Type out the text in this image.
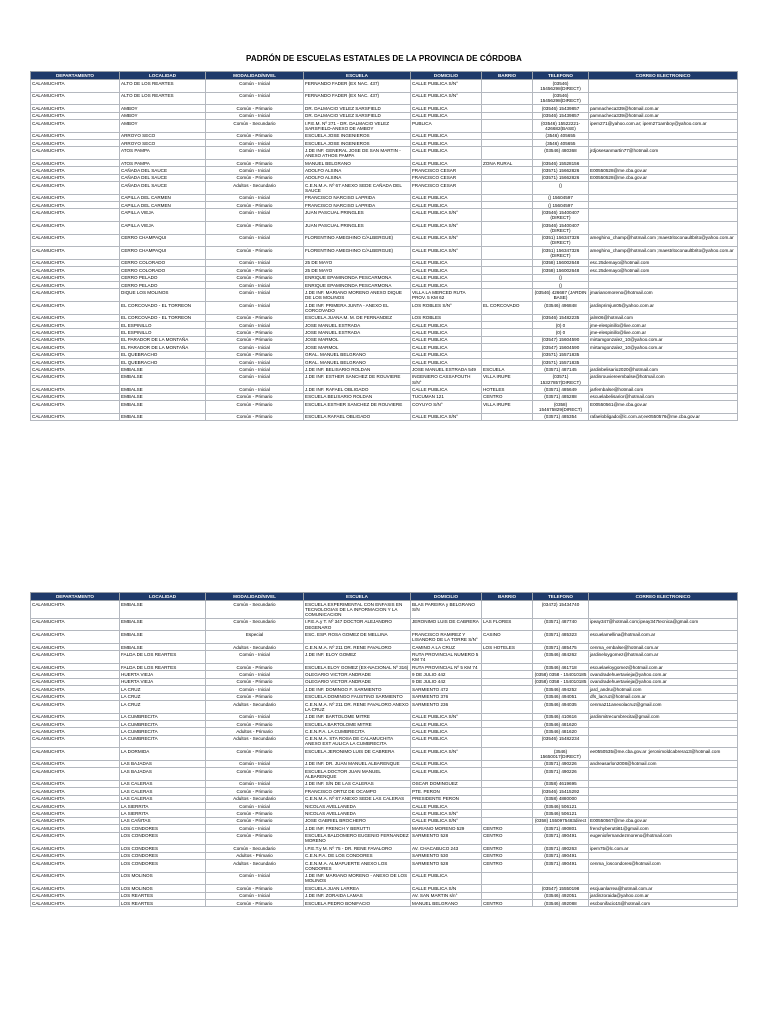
PADRÓN DE ESCUELAS ESTATALES DE LA PROVINCIA DE CÓRDOBA
DEPARTAMENTO	LOCALIDAD	MODALIDAD/NIVEL	ESCUELA	DOMICILIO	BARRIO	TELEFONO	CORREO ELECTRONICO
CALAMUCHITA	ALTO DE LOS REARTES	Común - Inicial	FERNANDO FADER (EX NAC. 437)	CALLE PUBLICA S/N°		(03546) 15456298(DIRECT)	
CALAMUCHITA	ALTO DE LOS REARTES	Común - Inicial	FERNANDO FADER (EX NAC. 437)	CALLE PUBLICA S/N°		(03546) 15456298(DIRECT)	
CALAMUCHITA	AMBOY	Común - Primario	DR. DALMACIO VELEZ SARSFIELD	CALLE PUBLICA		(03546) 15439857	pamnacheca339@hotmail.com.ar
CALAMUCHITA	AMBOY	Común - Inicial	DR. DALMACIO VELEZ SARSFIELD	CALLE PUBLICA		(03546) 15439857	pamnacheca339@hotmail.com.ar
CALAMUCHITA	AMBOY	Común - Secundario	I.P.E.M. Nº 271 - DR. DALMACIO VELEZ SARSFIELD-ANEXO DE AMBOY	PUBLICA		(03546) 15522221-426682(BASE)	ipem271@yahoo.com.ar; ipem271amboy@yahoo.com.ar
CALAMUCHITA	ARROYO SECO	Común - Primario	ESCUELA JOSE INGENIEROS	CALLE PUBLICA		(3546) 405655	
CALAMUCHITA	ARROYO SECO	Común - Inicial	ESCUELA JOSE INGENIEROS	CALLE PUBLICA		(3546) 405655	
CALAMUCHITA	ATOS PAMPA	Común - Inicial	J.DE INF. GENERAL JOSE DE SAN MARTIN - ANEXO ATHOS PAMPA	CALLE PUBLICA		(03546) 480368	jrdjosesanmartin77@hotmail.com
CALAMUCHITA	ATOS PAMPA	Común - Primario	MANUEL BELGRANO	CALLE PUBLICA	ZONA RURAL	(03546) 15528156	
CALAMUCHITA	CAÑADA DEL SAUCE	Común - Inicial	ADOLFO ALSINA	FRANCISCO CESAR		(03571) 15662826	E00550528@me.cba.gov.ar
CALAMUCHITA	CAÑADA DEL SAUCE	Común - Primario	ADOLFO ALSINA	FRANCISCO CESAR		(03571) 15662826	E00550528@me.cba.gov.ar
CALAMUCHITA	CAÑADA DEL SAUCE	Adultos - Secundario	C.E.N.M.A. Nº 67 ANEXO SEDE CAÑADA DEL SAUCE	FRANCISCO CESAR		()	
CALAMUCHITA	CAPILLA DEL CARMEN	Común - Inicial	FRANCISCO NARCISO LAPRIDA	CALLE PUBLICA		() 15604597	
CALAMUCHITA	CAPILLA DEL CARMEN	Común - Primario	FRANCISCO NARCISO LAPRIDA	CALLE PUBLICA		() 15604597	
CALAMUCHITA	CAPILLA VIEJA	Común - Inicial	JUAN PASCUAL PRINGLES	CALLE PUBLICA S/N°		(03546) 15400407 (DIRECT)	
CALAMUCHITA	CAPILLA VIEJA	Común - Primario	JUAN PASCUAL PRINGLES	CALLE PUBLICA S/N°		(03546) 15400407 (DIRECT)	
CALAMUCHITA	CERRO CHAMPAQUI	Común - Inicial	FLORENTINO AMEGHINO C/ALBERGUE)	CALLE PUBLICA S/N°		(0351) 156347326 (DIRECT)	ameghino_champ@hotmail.com ;maestritoconaultbrito@yahoo.com.ar
CALAMUCHITA	CERRO CHAMPAQUI	Común - Primario	FLORENTINO AMEGHINO C/ALBERGUE)	CALLE PUBLICA S/N°		(0351) 156347326 (DIRECT)	ameghino_champ@hotmail.com ;maestritoconaultbrito@yahoo.com.ar
CALAMUCHITA	CERRO COLORADO	Común - Inicial	25 DE MAYO	CALLE PUBLICA		(0358) 156002648	esc.25demayo@hotmail.com
CALAMUCHITA	CERRO COLORADO	Común - Primario	25 DE MAYO	CALLE PUBLICA		(0358) 156002648	esc.25demayo@hotmail.com
CALAMUCHITA	CERRO PELADO	Común - Primario	ENRIQUE EPAMINONDA PESCARMONA	CALLE PUBLICA		()	
CALAMUCHITA	CERRO PELADO	Común - Inicial	ENRIQUE EPAMINONDA PESCARMONA	CALLE PUBLICA		()	
CALAMUCHITA	DIQUE LOS MOLINOS	Común - Inicial	J.DE INF. MARIANO MORENO ANEXO DIQUE DE LOS MOLINOS	VILLA LA MERCED RUTA PROV. 5 KM 62		(03546) 426687 (JARDIN BASE)	jmarianomoreno@hotmail.com
CALAMUCHITA	EL CORCOVADO - EL TORREON	Común - Inicial	J.DE INF. PRIMERA JUNTA - ANEXO EL CORCOVADO	LOS ROBLES S/N°	EL CORCOVADO	(03546) 496848	jardinprimjun05@yahoo.com.ar
CALAMUCHITA	EL CORCOVADO - EL TORREON	Común - Primario	ESCUELA JUANA M. M. DE FERNANDEZ	LOS ROBLES		(03546) 15482235	jalm06@hotmail.com
CALAMUCHITA	EL ESPINILLO	Común - Inicial	JOSE MANUEL ESTRADA	CALLE PUBLICA		(0) 0	jme-elespinillo@live.com.ar
CALAMUCHITA	EL ESPINILLO	Común - Primario	JOSE MANUEL ESTRADA	CALLE PUBLICA		(0) 0	jme-elespinillo@live.com.ar
CALAMUCHITA	EL PARADOR DE LA MONTAÑA	Común - Primario	JOSE MARMOL	CALLE PUBLICA		(03547) 15604590	mirtamgonzalez_10@yahoo.com.ar
CALAMUCHITA	EL PARADOR DE LA MONTAÑA	Común - Inicial	JOSE MARMOL	CALLE PUBLICA		(03547) 15604590	mirtamgonzalez_10@yahoo.com.ar
CALAMUCHITA	EL QUEBRACHO	Común - Primario	GRAL. MANUEL BELGRANO	CALLE PUBLICA		(03571) 15571835	
CALAMUCHITA	EL QUEBRACHO	Común - Inicial	GRAL. MANUEL BELGRANO	CALLE PUBLICA		(03571) 15571835	
CALAMUCHITA	EMBALSE	Común - Inicial	J.DE INF. BELISARIO ROLDAN	JOSE MANUEL ESTRADA 549	ESCUELA	(03571) 487145	jardinbelisario2020@hotmail.com
CALAMUCHITA	EMBALSE	Común - Inicial	J.DE INF. ESTHER SANCHEZ DE ROUVIERE	INGENIERO CASSAFOUTH S/N°	VILLA IRUPE	(03571) 15327857(DIRECT)	jardinrouviereembalse@hotmail.com
CALAMUCHITA	EMBALSE	Común - Inicial	J.DE INF. RAFAEL OBLIGADO	CALLE PUBLICA	HOTELES	(03571) 485649	jarfembalse@hotmail.com
CALAMUCHITA	EMBALSE	Común - Primario	ESCUELA BELISARIO ROLDAN	TUCUMAN 121	CENTRO	(03571) 485288	escuelabelisarior@hotmail.com
CALAMUCHITA	EMBALSE	Común - Primario	ESCUELA ESTHER SANCHEZ DE ROUVIERE	COYUYO S/N°	VILLA IRUPE	(0358) 154675829(DIRECT)	E00550561@me.cba.gov.ar
CALAMUCHITA	EMBALSE	Común - Primario	ESCUELA RAFAEL OBLIGADO	CALLE PUBLICA S/N°		(03571) 485354	rafaelobligado@lc.com.ar;ee0550576@me.cba.gov.ar
DEPARTAMENTO	LOCALIDAD	MODALIDAD/NIVEL	ESCUELA	DOMICILIO	BARRIO	TELEFONO	CORREO ELECTRONICO
CALAMUCHITA	EMBALSE	Común - Secundario	ESCUELA EXPERIMENTAL CON ENFASIS EN TECNOLOGIAS DE LA INFORMACION Y LA COMUNICACION	BLAS PAREIRA y BELGRANO S/N		(03472) 15434740	
CALAMUCHITA	EMBALSE	Común - Secundario	I.P.E.A.y T. Nº 347 DOCTOR ALEJANDRO DEGENARO	JERONIMO LUIS DE CABRERA	LAS FLORES	(03571) 487740	ipeay347@hotmail.com;ipeay347tecnica@gmail.com
CALAMUCHITA	EMBALSE	Especial	ESC. ESP. ROSA GOMEZ DE MELLINA	FRANCISCO RAMIREZ Y LISANDRO DE LA TORRE S/N°	CASINO	(03571) 485323	escuelamellina@hotmail.com.ar
CALAMUCHITA	EMBALSE	Adultos - Secundario	C.E.N.M.A. Nº 211 DR. RENE FAVALORO	CAMINO A LA CRUZ	LOS HOTELES	(03571) 485475	cenma_embalse@hotmail.com.ar
CALAMUCHITA	FALDA DE LOS REARTES	Común - Inicial	J.DE INF. ELOY GOMEZ	RUTA PROVINCIAL NUMERO 5 KM 74		(03546) 484262	jardineloygomez@hotmail.com.ar
CALAMUCHITA	FALDA DE LOS REARTES	Común - Primario	ESCUELA ELOY GOMEZ (EX-NACIONAL Nº 316)	RUTA PROVINCIAL Nº 5 KM 74		(03546) 461718	escuelaeloygomez@hotmail.com.ar
CALAMUCHITA	HUERTA VIEJA	Común - Inicial	OLEGARIO VICTOR ANDRADE	9 DE JULIO 442		(0358) 0358 - 154010185	ovandradehuertavieja@yahoo.com.ar
CALAMUCHITA	HUERTA VIEJA	Común - Primario	OLEGARIO VICTOR ANDRADE	9 DE JULIO 442		(0358) 0358 - 154010185	ovandradehuertavieja@yahoo.com.ar
CALAMUCHITA	LA CRUZ	Común - Inicial	J.DE INF. DOMINGO F. SARMIENTO	SARMIENTO 472		(03546) 494252	jard_andru@hotmail.com
CALAMUCHITA	LA CRUZ	Común - Primario	ESCUELA DOMINGO FAUSTINO SARMIENTO	SARMIENTO 376		(03546) 494051	dfs_lacruz@hotmail.com.ar
CALAMUCHITA	LA CRUZ	Adultos - Secundario	C.E.N.M.A. Nº 211 DR. RENE FAVALORO ANEXO LA CRUZ	SARMIENTO 236		(03546) 494035	cenma211anexolacruz@gmail.com
CALAMUCHITA	LA CUMBRECITA	Común - Inicial	J.DE INF. BARTOLOME MITRE	CALLE PUBLICA S/N°		(03546) 410616	jardinmitrecumbrecita@gmail.com
CALAMUCHITA	LA CUMBRECITA	Común - Primario	ESCUELA BARTOLOME MITRE	CALLE PUBLICA		(03546) 481620	
CALAMUCHITA	LA CUMBRECITA	Adultos - Primario	C.E.N.P.A. LA CUMBRECITA	CALLE PUBLICA		(03546) 481620	
CALAMUCHITA	LA CUMBRECITA	Adultos - Secundario	C.E.N.M.A. STA ROSA DE CALAMUCHITA ANEXO EXT AULICA LA CUMBRECITA	CALLE PUBLICA		(03546) 15482234	
CALAMUCHITA	LA DORMIDA	Común - Primario	ESCUELA JERONIMO LUIS DE CABRERA	CALLE PUBLICA S/N°		(3546) 15650017(DIRECT)	ee0550535@me.cba.gov.ar ;jeronimoldcabrera13@hotmail.com
CALAMUCHITA	LAS BAJADAS	Común - Inicial	J.DE INF. DR. JUAN MANUEL ALBARENQUE	CALLE PUBLICA		(03571) 490226	andreasarlon2008@hotmail.com
CALAMUCHITA	LAS BAJADAS	Común - Primario	ESCUELA DOCTOR JUAN MANUEL ALBARENQUE	CALLE PUBLICA		(03571) 490226	
CALAMUCHITA	LAS CALERAS	Común - Inicial	J.DE INF. S/N DE LAS CALERAS	OSCAR DOMINGUEZ		(0358) 4619695	
CALAMUCHITA	LAS CALERAS	Común - Primario	FRANCISCO ORTIZ DE OCAMPO	PTE. PERON		(03546) 15415292	
CALAMUCHITA	LAS CALERAS	Adultos - Secundario	C.E.N.M.A. Nº 67 ANEXO SEDE LAS CALERAS	PRESIDENTE PERON		(0358) 4880000	
CALAMUCHITA	LA SIERRITA	Común - Inicial	NICOLAS AVELLANEDA	CALLE PUBLICA		(03546) 506121	
CALAMUCHITA	LA SIERRITA	Común - Primario	NICOLAS AVELLANEDA	CALLE PUBLICA S/N°		(03546) 506121	
CALAMUCHITA	LAS CAÑITAS	Común - Primario	JOSE GABRIEL BROCHERO	CALLE PUBLICA S/N°		(0358) 1550975483direct	E00550567@me.cba.gov.ar
CALAMUCHITA	LOS CONDORES	Común - Inicial	J.DE INF. FRENCH Y BERUTTI	MARIANO MORENO 529	CENTRO	(03571) 490801	frenchyberutti81@gmail.com
CALAMUCHITA	LOS CONDORES	Común - Primario	ESCUELA BALDOMERO EUGENIO FERNANDEZ MORENO	SARMIENTO 528	CENTRO	(03571) 490491	eugeniofernandezmoreno@hotmail.com
CALAMUCHITA	LOS CONDORES	Común - Secundario	I.P.E.T.y M. Nº 75 - DR. RENE FAVALORO	AV. CHACABUCO 243	CENTRO	(03571) 490263	ipem75@lc.com.ar
CALAMUCHITA	LOS CONDORES	Adultos - Primario	C.E.N.P.A. DE LOS CONDORES	SARMIENTO 530	CENTRO	(03571) 490491	
CALAMUCHITA	LOS CONDORES	Adultos - Secundario	C.E.N.M.A. ALMAFUERTE ANEXO LOS CONDORES	SARMIENTO 528	CENTRO	(03571) 490491	cenma_loscondores@hotmail.com
CALAMUCHITA	LOS MOLINOS	Común - Inicial	J.DE INF. MARIANO MORENO - ANEXO DE LOS MOLINOS	CALLE PUBLICA			
CALAMUCHITA	LOS MOLINOS	Común - Primario	ESCUELA JUAN LARREA	CALLE PUBLICA S/N		(03547) 15550198	escjuanlarrea@hotmail.com.ar
CALAMUCHITA	LOS REARTES	Común - Inicial	J.DE INF. ZORAIDA LAMAS	AV. SAN MARTIN s/n°		(03546) 492051	jardinzoraida@yahoo.com.ar
CALAMUCHITA	LOS REARTES	Común - Primario	ESCUELA PEDRO BONIFACIO	MANUEL BELGRANO	CENTRO	(03546) 492088	escbonifacio15@hotmail.com
